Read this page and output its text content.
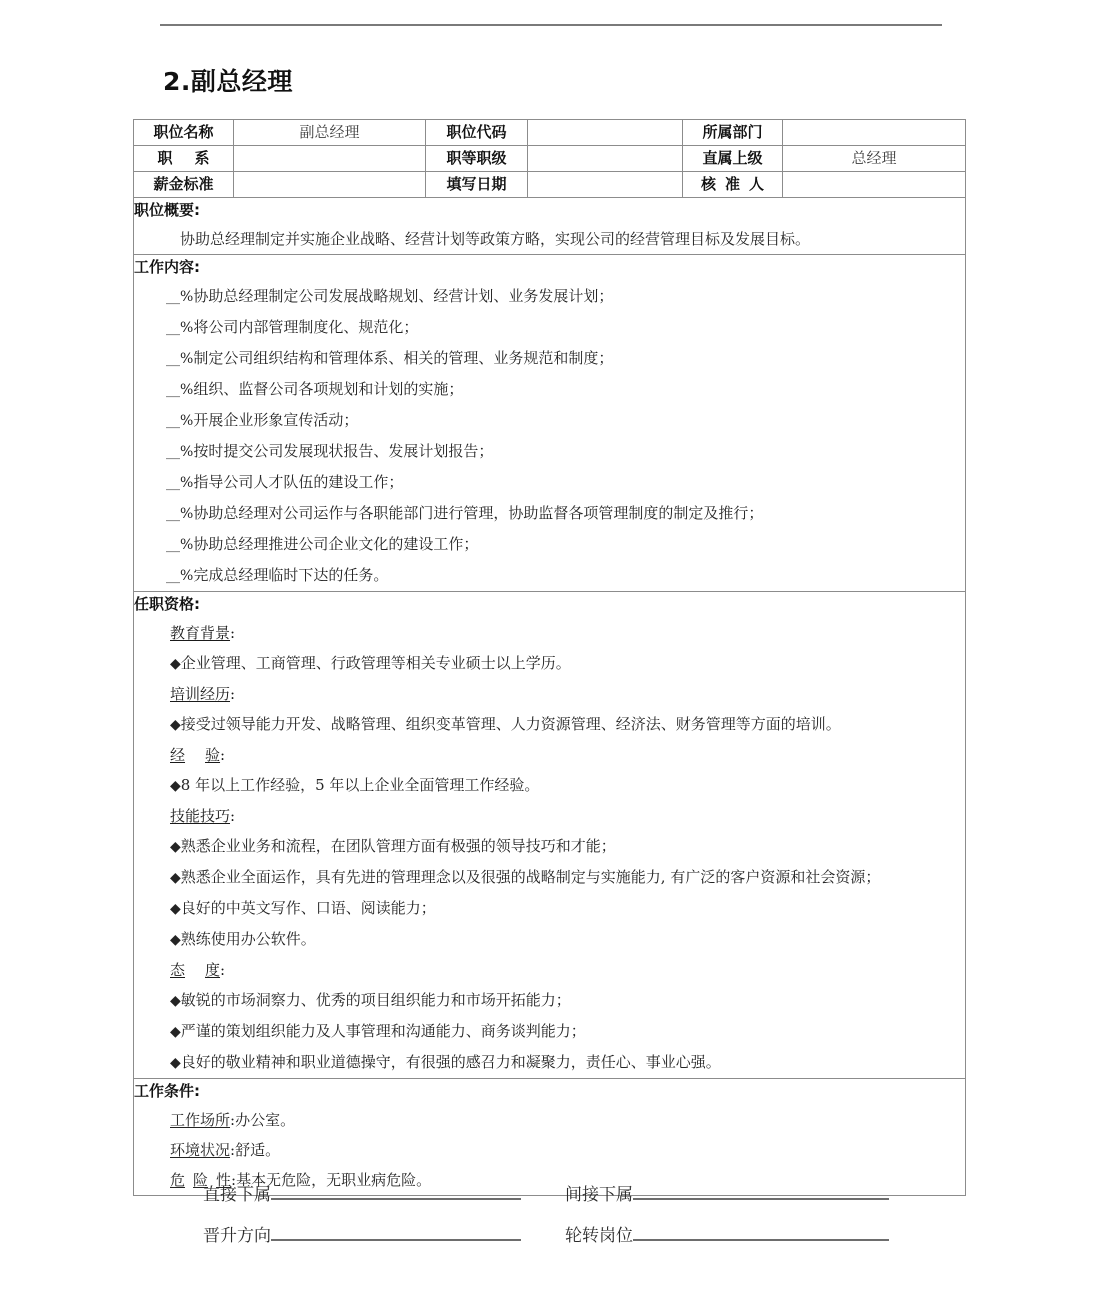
2.副总经理
职位名称	副总经理	职位代码		所属部门	
职 系		职等职级		直属上级	总经理
薪金标准		填写日期		核 准 人	

职位概要:
协助总经理制定并实施企业战略、经营计划等政策方略，实现公司的经营管理目标及发展目标。					

工作内容:
__%协助总经理制定公司发展战略规划、经营计划、业务发展计划；
__%将公司内部管理制度化、规范化；
__%制定公司组织结构和管理体系、相关的管理、业务规范和制度；
__%组织、监督公司各项规划和计划的实施；
__%开展企业形象宣传活动；
__%按时提交公司发展现状报告、发展计划报告；
__%指导公司人才队伍的建设工作；
__%协助总经理对公司运作与各职能部门进行管理，协助监督各项管理制度的制定及推行；
__%协助总经理推进公司企业文化的建设工作；
__%完成总经理临时下达的任务。

任职资格:
教育背景:
◆企业管理、工商管理、行政管理等相关专业硕士以上学历。
培训经历:
◆接受过领导能力开发、战略管理、组织变革管理、人力资源管理、经济法、财务管理等方面的培训。
经 验:
◆8 年以上工作经验，5 年以上企业全面管理工作经验。
技能技巧:
◆熟悉企业业务和流程，在团队管理方面有极强的领导技巧和才能；
◆熟悉企业全面运作，具有先进的管理理念以及很强的战略制定与实施能力, 有广泛的客户资源和社会资源；
◆良好的中英文写作、口语、阅读能力；
◆熟练使用办公软件。
态 度:
◆敏锐的市场洞察力、优秀的项目组织能力和市场开拓能力；
◆严谨的策划组织能力及人事管理和沟通能力、商务谈判能力；
◆良好的敬业精神和职业道德操守，有很强的感召力和凝聚力，责任心、事业心强。

工作条件:
工作场所:办公室。
环境状况:舒适。
危 险 性:基本无危险，无职业病危险。					
直接下属	间接下属
晋升方向	轮转岗位
